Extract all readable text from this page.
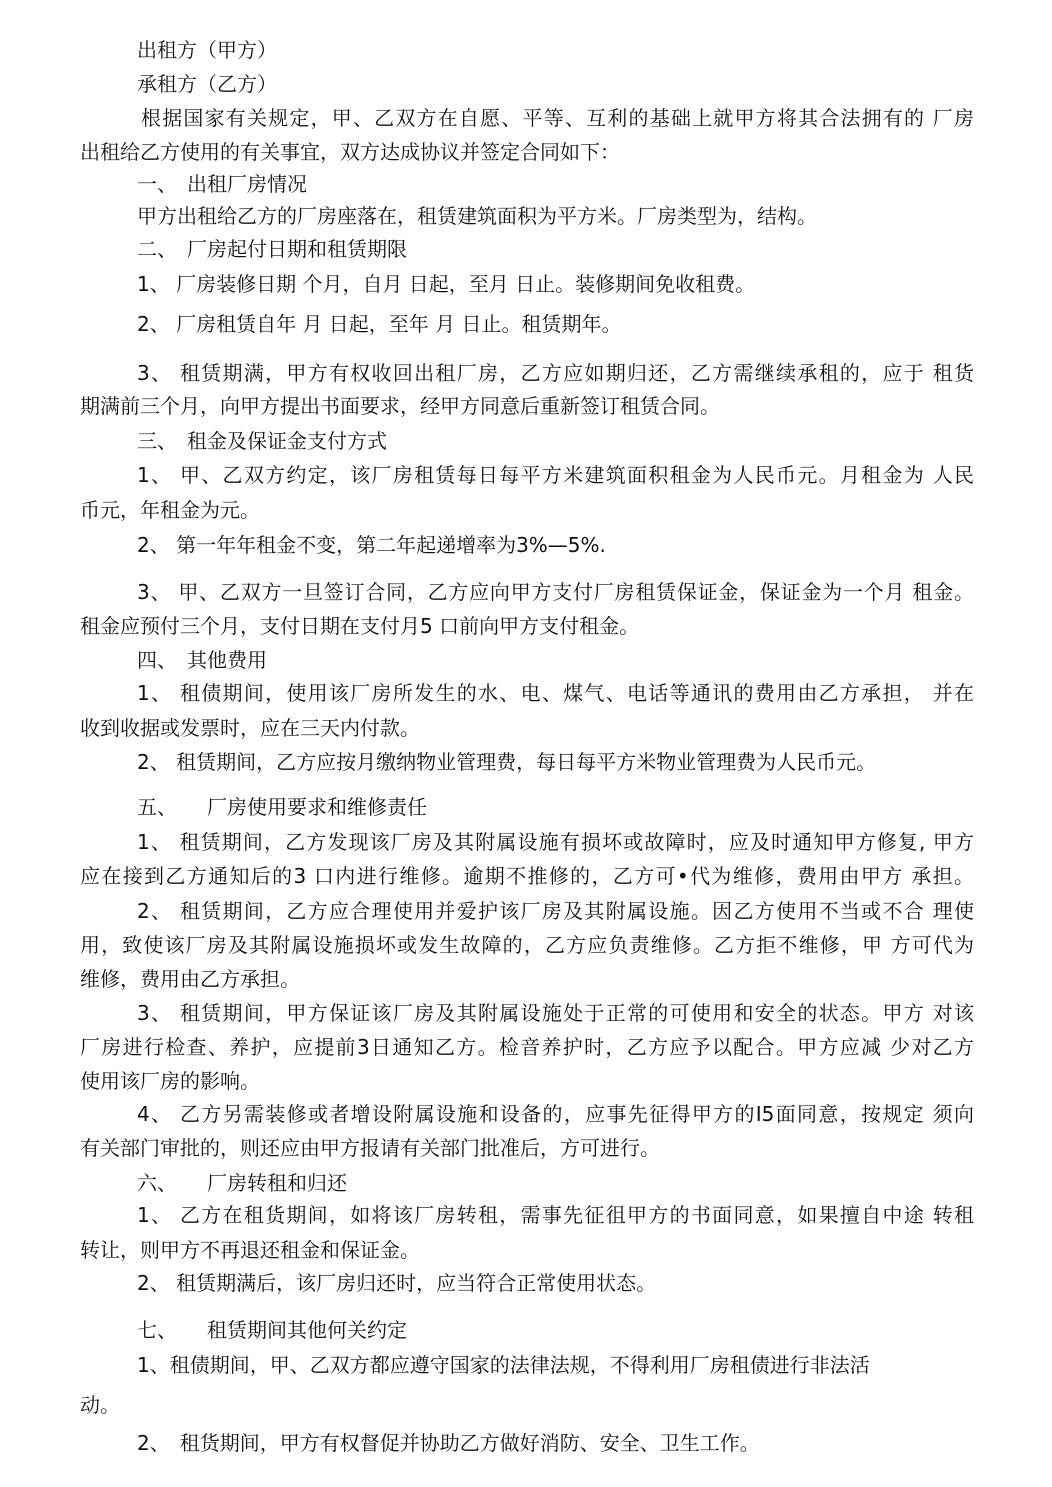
出租方（甲方）
承租方（乙方）
根据国家有关规定，甲、乙双方在自愿、平等、互利的基础上就甲方将其合法拥有的 厂房
出租给乙方使用的有关事宜，双方达成协议并签定合同如下：
一、　出租厂房情况
甲方出租给乙方的厂房座落在，租赁建筑面积为平方米。厂房类型为，结构。
二、　厂房起付日期和租赁期限
1、 厂房装修日期 个月，自月 日起，至月 日止。装修期间免收租费。
2、 厂房租赁自年 月 日起，至年 月 日止。租赁期年。
3、 租赁期满，甲方有权收回出租厂房，乙方应如期归还，乙方需继续承租的，应于 租货
期满前三个月，向甲方提出书面要求，经甲方同意后重新签订租赁合同。
三、　租金及保证金支付方式
1、 甲、乙双方约定，该厂房租赁每日每平方米建筑面积租金为人民币元。月租金为 人民
币元，年租金为元。
2、 第一年年租金不变，第二年起递增率为3%—5%.
3、 甲、乙双方一旦签订合同，乙方应向甲方支付厂房租赁保证金，保证金为一个月 租金。
租金应预付三个月，支付日期在支付月5 口前向甲方支付租金。
四、　其他费用
1、 租债期间，使用该厂房所发生的水、电、煤气、电话等通讯的费用由乙方承担， 并在
收到收据或发票时，应在三天内付款。
2、 租赁期间，乙方应按月缴纳物业管理费，每日每平方米物业管理费为人民币元。
五、　　厂房使用要求和维修责任
1、 租赁期间，乙方发现该厂房及其附属设施有损坏或故障时，应及时通知甲方修复, 甲方
应在接到乙方通知后的3 口内进行维修。逾期不推修的，乙方可•代为维修，费用由甲方 承担。
2、 租赁期间，乙方应合理使用并爱护该厂房及其附属设施。因乙方使用不当或不合 理使
用，致使该厂房及其附属设施损坏或发生故障的，乙方应负责维修。乙方拒不维修，甲 方可代为
维修，费用由乙方承担。
3、 租赁期间，甲方保证该厂房及其附属设施处于正常的可使用和安全的状态。甲方 对该
厂房进行检查、养护，应提前3日通知乙方。检音养护时，乙方应予以配合。甲方应减 少对乙方
使用该厂房的影响。
4、 乙方另需装修或者增设附属设施和设备的，应事先征得甲方的I5面同意，按规定 须向
有关部门审批的，则还应由甲方报请有关部门批准后，方可进行。
六、　　厂房转租和归还
1、 乙方在租货期间，如将该厂房转租，需事先征徂甲方的书面同意，如果擅自中途 转租
转让，则甲方不再退还租金和保证金。
2、 租赁期满后，该厂房归还时，应当符合正常使用状态。
七、　　租赁期间其他何关约定
1、租债期间，甲、乙双方都应遵守国家的法律法规，不得利用厂房租债进行非法活
动。
2、　租货期间，甲方有权督促并协助乙方做好消防、安全、卫生工作。
